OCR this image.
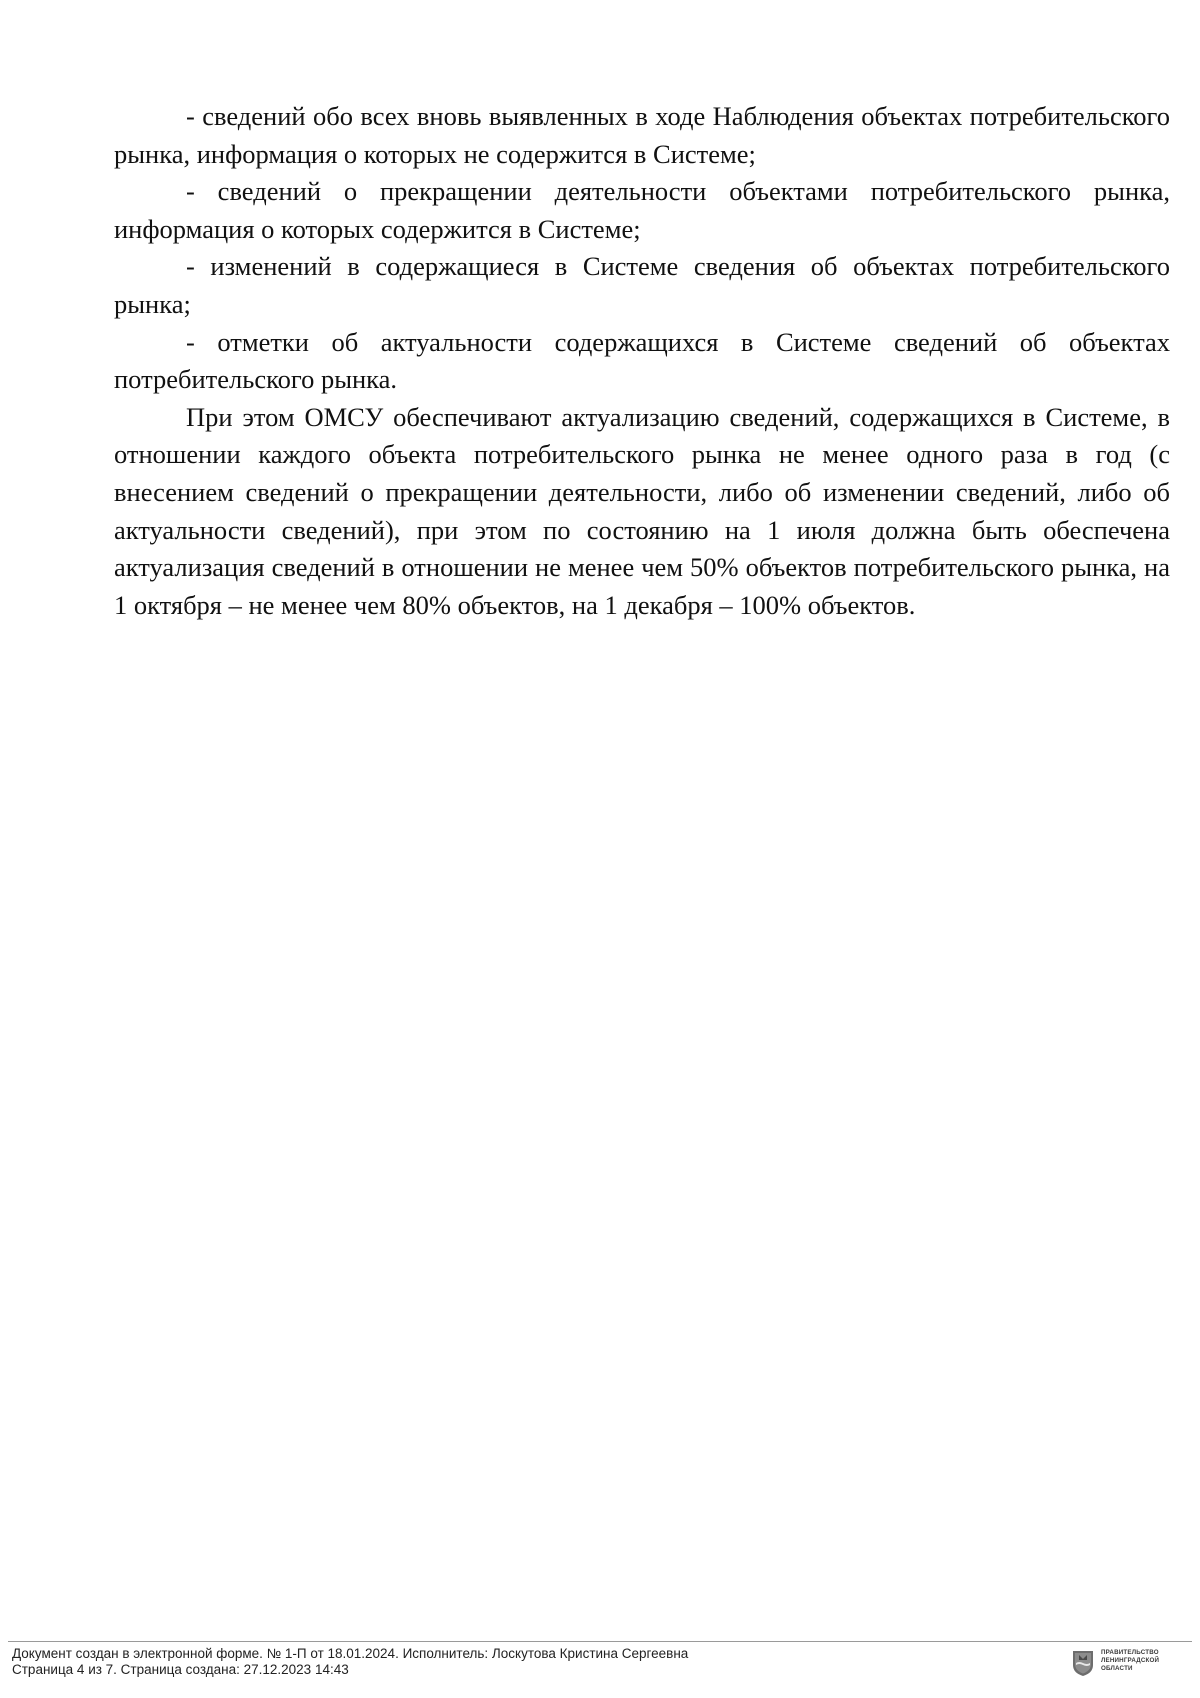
- сведений обо всех вновь выявленных в ходе Наблюдения объектах потребительского рынка, информация о которых не содержится в Системе;

- сведений о прекращении деятельности объектами потребительского рынка, информация о которых содержится в Системе;

- изменений в содержащиеся в Системе сведения об объектах потребительского рынка;

- отметки об актуальности содержащихся в Системе сведений об объектах потребительского рынка.

При этом ОМСУ обеспечивают актуализацию сведений, содержащихся в Системе, в отношении каждого объекта потребительского рынка не менее одного раза в год (с внесением сведений о прекращении деятельности, либо об изменении сведений, либо об актуальности сведений), при этом по состоянию на 1 июля должна быть обеспечена актуализация сведений в отношении не менее чем 50% объектов потребительского рынка, на 1 октября – не менее чем 80% объектов, на 1 декабря – 100% объектов.

Документ создан в электронной форме. № 1-П от 18.01.2024. Исполнитель: Лоскутова Кристина Сергеевна
Страница 4 из 7. Страница создана: 27.12.2023 14:43
ПРАВИТЕЛЬСТВО
ЛЕНИНГРАДСКОЙ
ОБЛАСТИ
